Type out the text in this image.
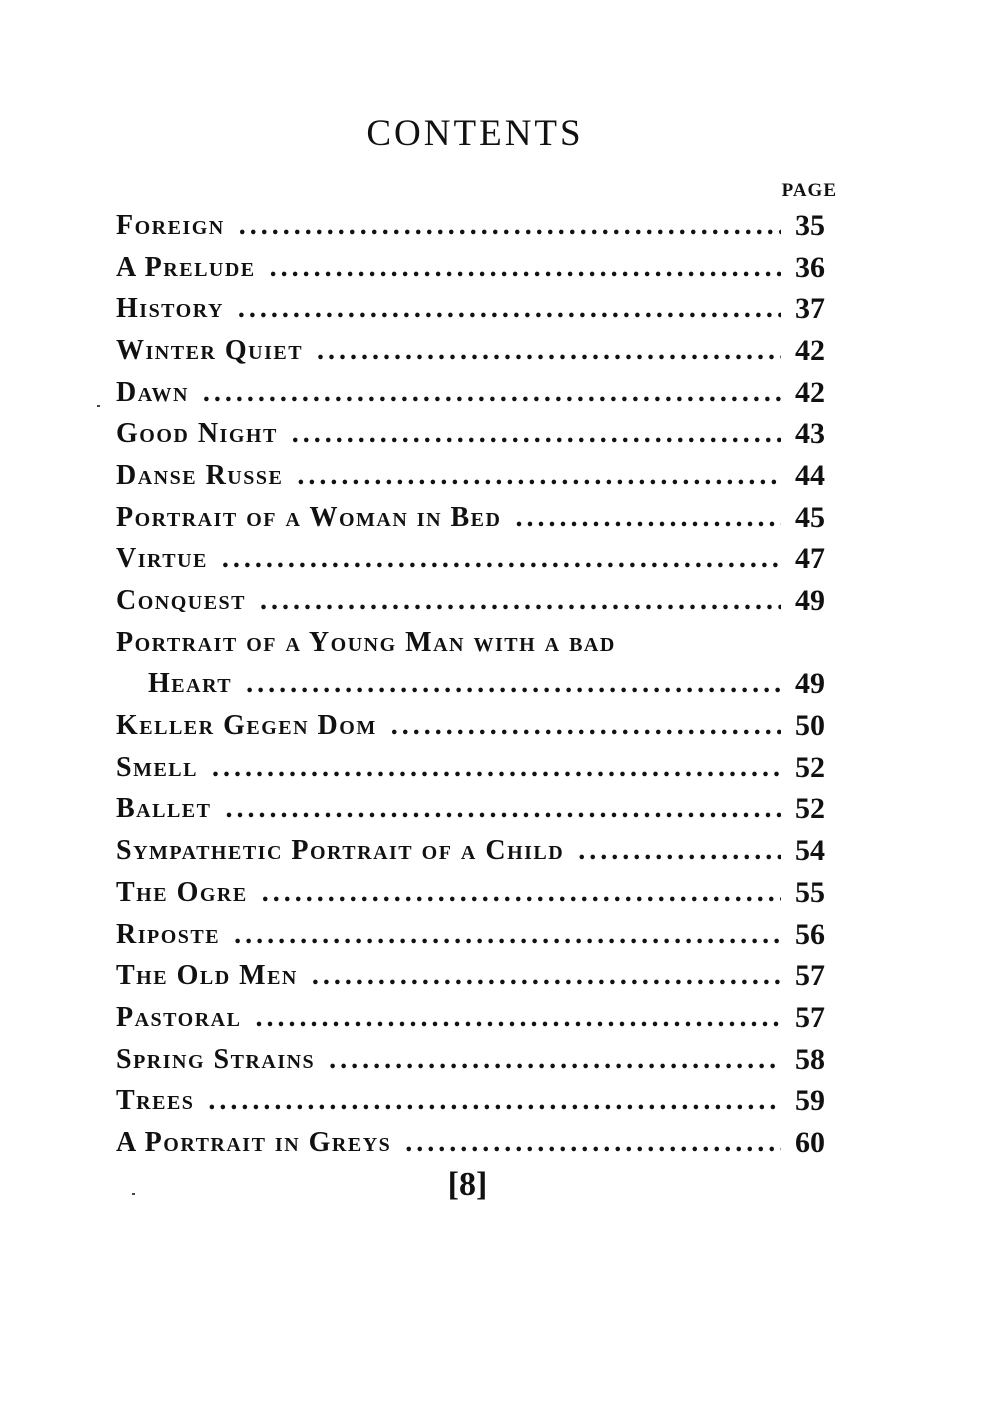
CONTENTS
PAGE
Foreign . . .	35
A Prelude . . .	36
History . . .	37
Winter Quiet . . .	42
Dawn . . .	42
Good Night . . .	43
Danse Russe . . .	44
Portrait of a Woman in Bed . . .	45
Virtue . . .	47
Conquest . . .	49
Portrait of a Young Man with a bad
Heart . . .	49
Keller Gegen Dom . . .	50
Smell . . .	52
Ballet . . .	52
Sympathetic Portrait of a Child . . .	54
The Ogre . . .	55
Riposte . . .	56
The Old Men . . .	57
Pastoral . . .	57
Spring Strains . . .	58
Trees . . .	59
A Portrait in Greys . . .	60
[8]
